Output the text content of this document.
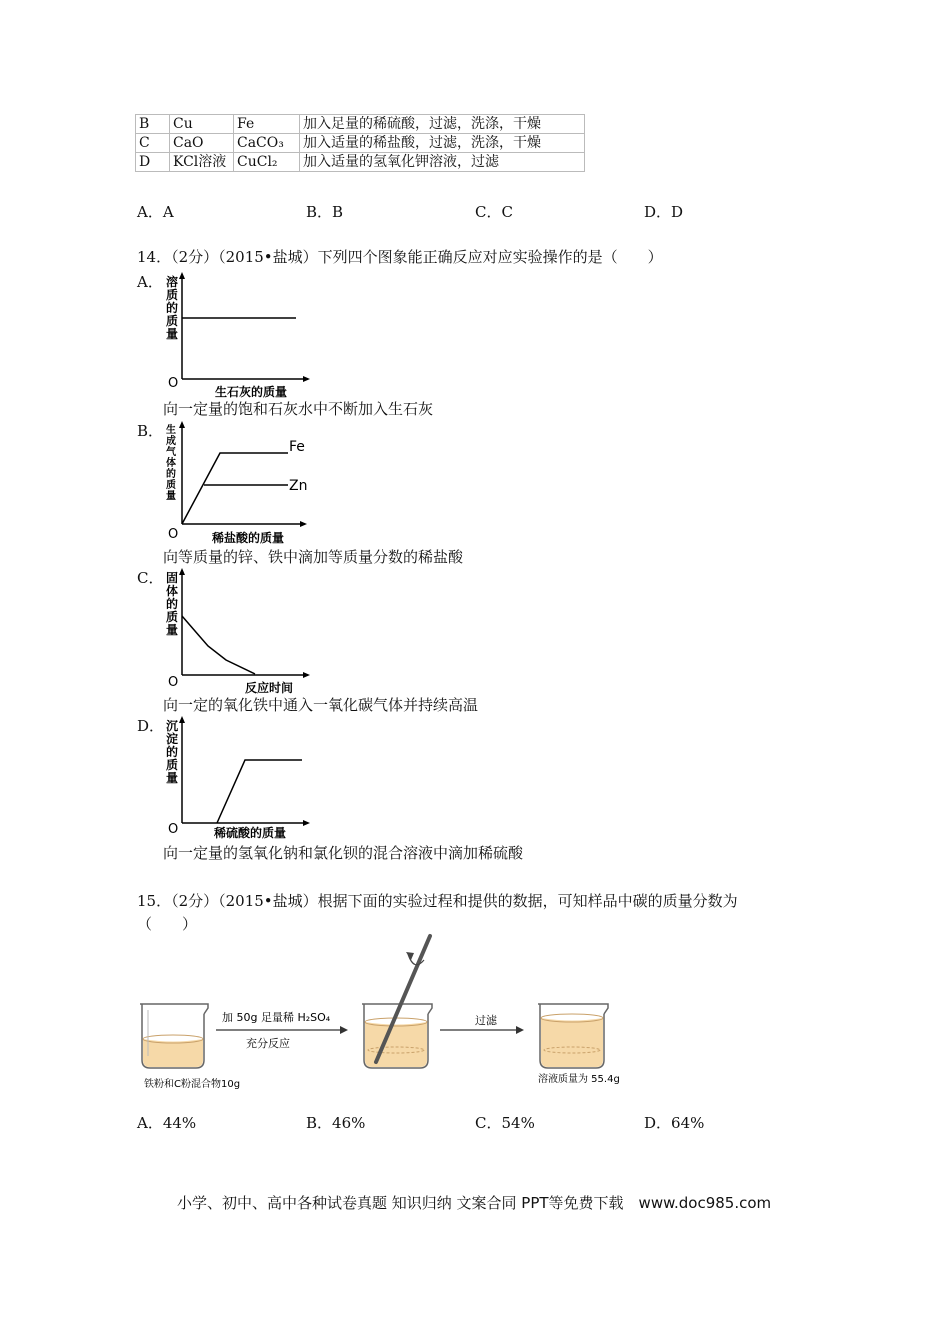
B	Cu	Fe	加入足量的稀硫酸，过滤，洗涤，干燥
C	CaO	CaCO₃	加入适量的稀盐酸，过滤，洗涤，干燥
D	KCl溶液	CuCl₂	加入适量的氢氧化钾溶液，过滤
A．A	B．B	C．C	D．D
14．（2分）（2015•盐城）下列四个图象能正确反应对应实验操作的是（　　）
A． 溶质的质量
O
生石灰的质量
向一定量的饱和石灰水中不断加入生石灰
B． 生成气体的质量
Fe
Zn
O	稀盐酸的质量
向等质量的锌、铁中滴加等质量分数的稀盐酸
C． 固体的质量
O	反应时间
向一定的氧化铁中通入一氧化碳气体并持续高温
D． 沉淀的质量
O	稀硫酸的质量
向一定量的氢氧化钠和氯化钡的混合溶液中滴加稀硫酸
15．（2分）（2015•盐城）根据下面的实验过程和提供的数据，可知样品中碳的质量分数为
（　　）
铁粉和C粉混合物10g
加 50g 足量稀 H₂SO₄
充分反应
过滤
溶液质量为 55.4g
A．44%	B．46%	C．54%	D．64%
小学、初中、高中各种试卷真题 知识归纳 文案合同 PPT等免费下载　www.doc985.com
